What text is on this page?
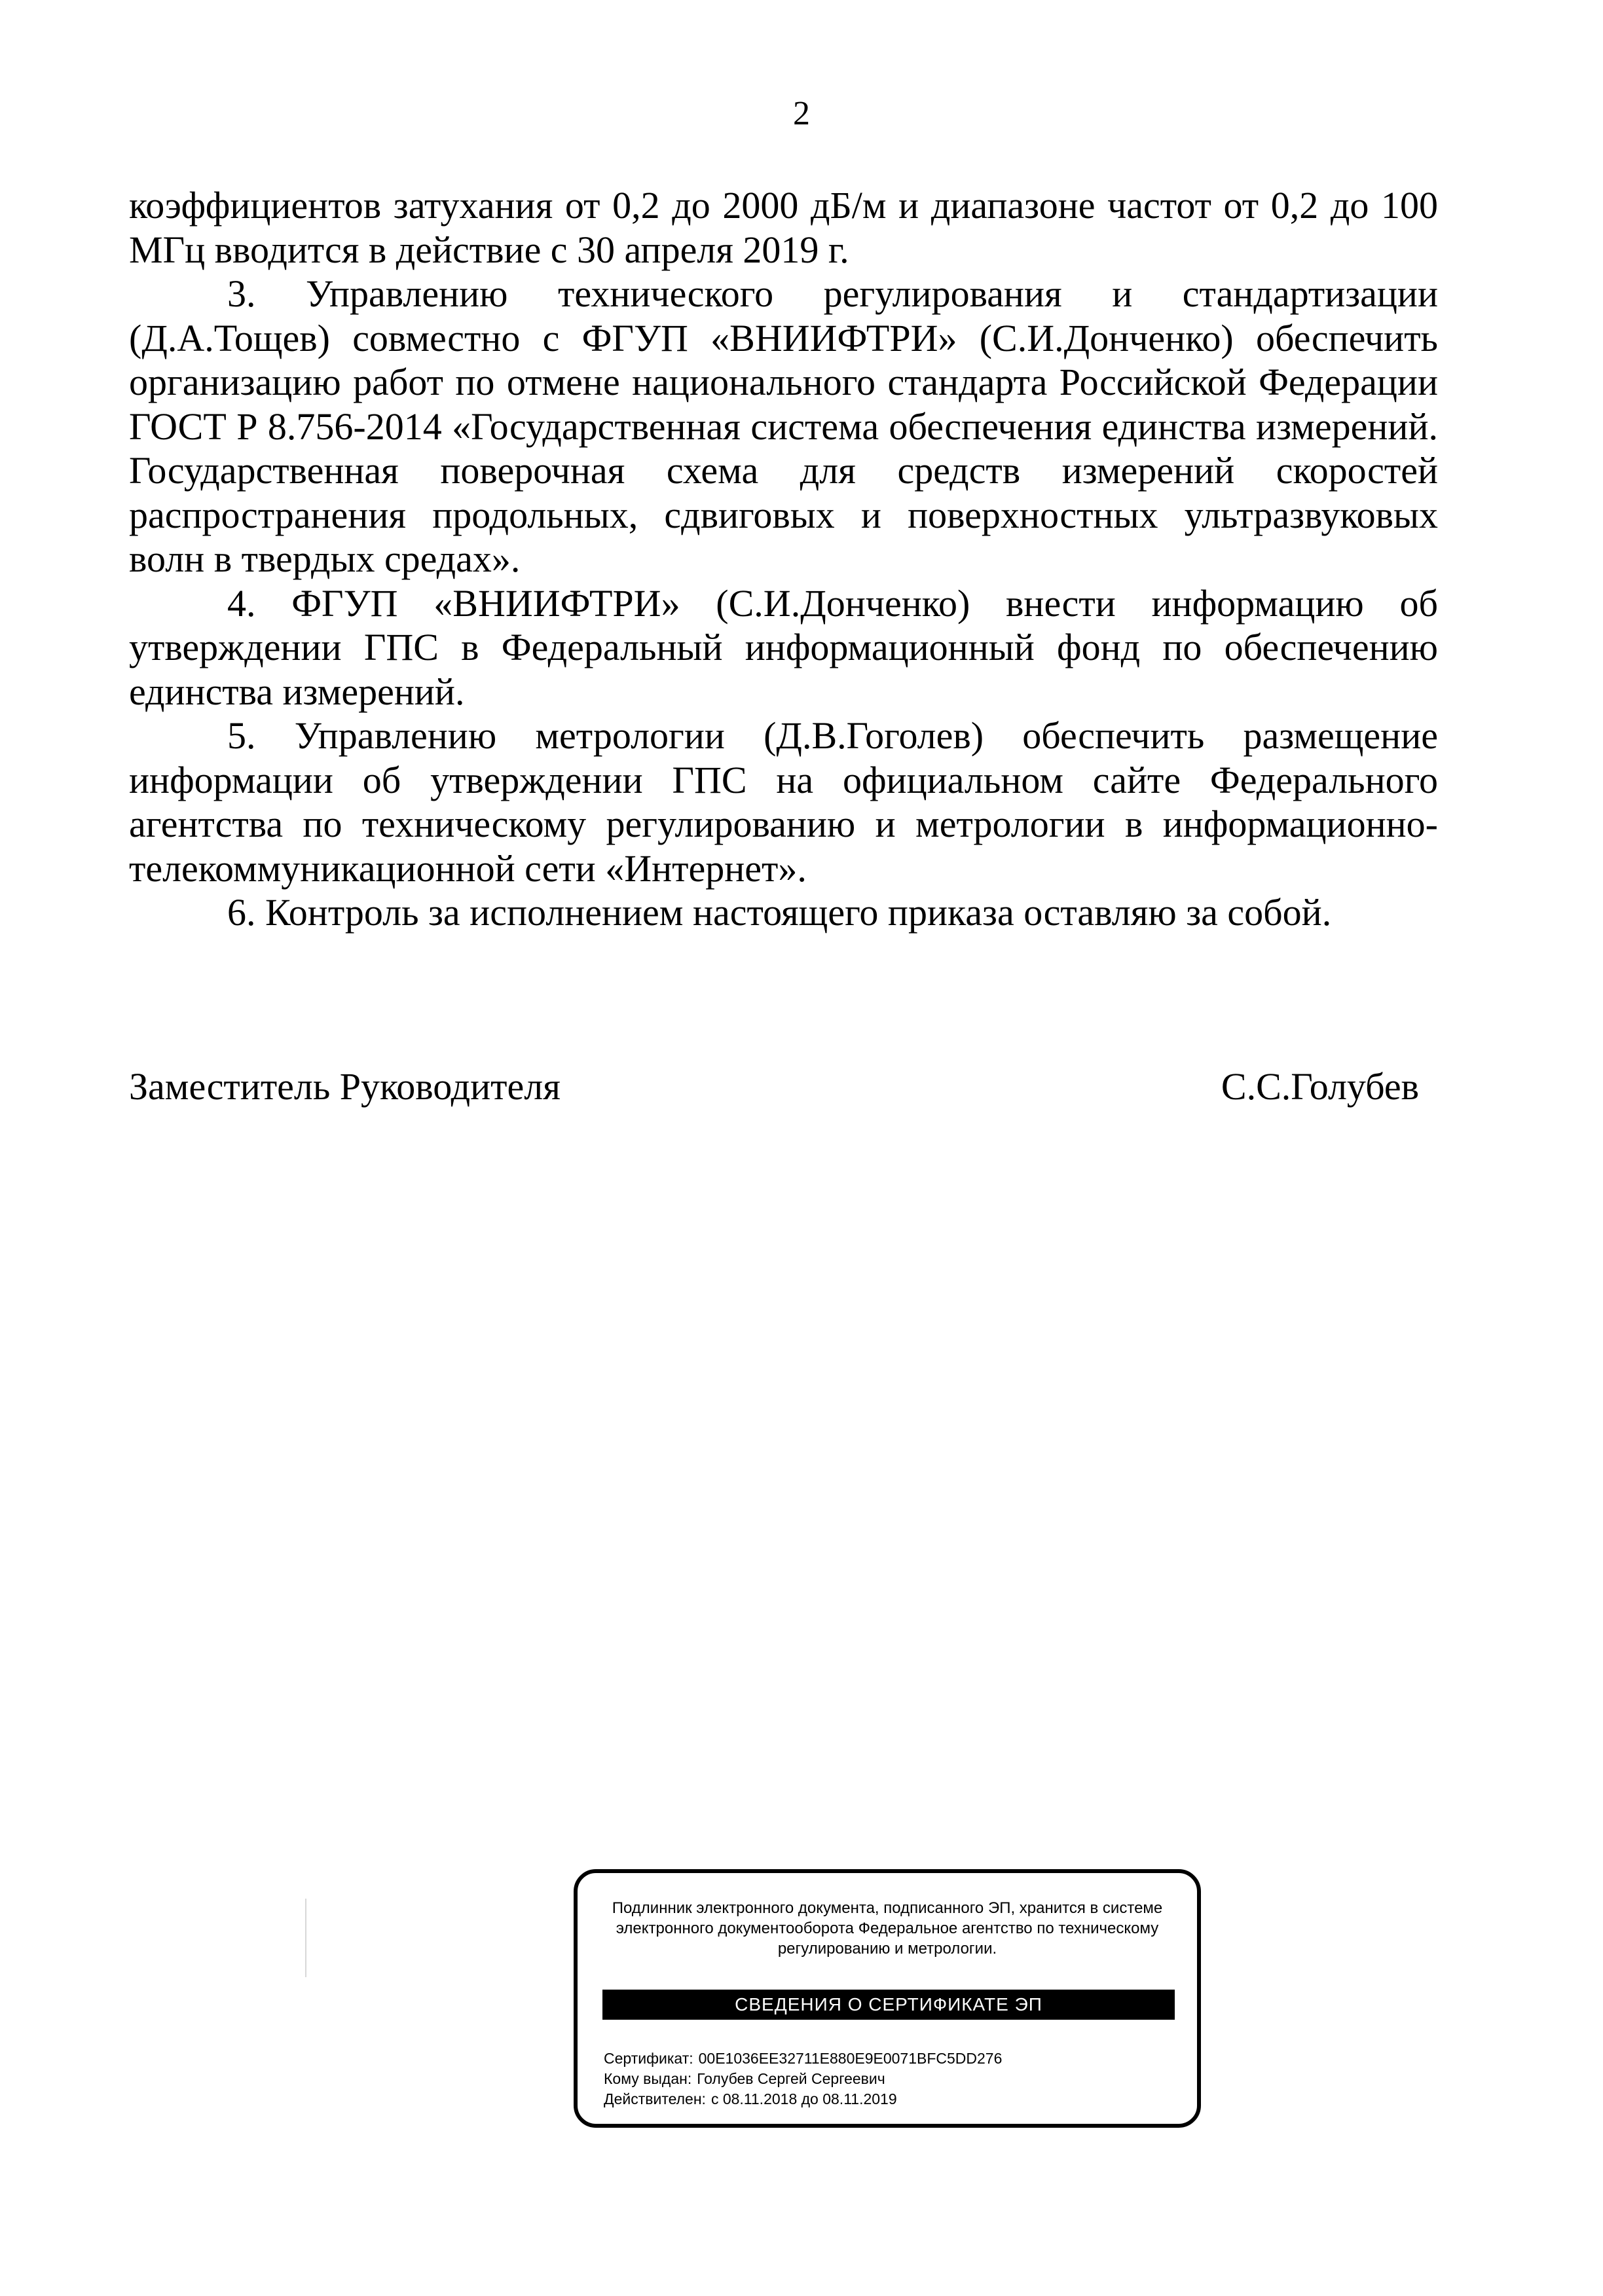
2

коэффициентов затухания от 0,2 до 2000 дБ/м и диапазоне частот от 0,2 до 100 МГц вводится в действие с 30 апреля 2019 г.

3. Управлению технического регулирования и стандартизации (Д.А.Тощев) совместно с ФГУП «ВНИИФТРИ» (С.И.Донченко) обеспечить организацию работ по отмене национального стандарта Российской Федерации ГОСТ Р 8.756-2014 «Государственная система обеспечения единства измерений. Государственная поверочная схема для средств измерений скоростей распространения продольных, сдвиговых и поверхностных ультразвуковых волн в твердых средах».

4. ФГУП «ВНИИФТРИ» (С.И.Донченко) внести информацию об утверждении ГПС в Федеральный информационный фонд по обеспечению единства измерений.

5. Управлению метрологии (Д.В.Гоголев) обеспечить размещение информации об утверждении ГПС на официальном сайте Федерального агентства по техническому регулированию и метрологии в информационно-телекоммуникационной сети «Интернет».

6. Контроль за исполнением настоящего приказа оставляю за собой.

Заместитель Руководителя	С.С.Голубев
Подлинник электронного документа, подписанного ЭП, хранится в системе электронного документооборота Федеральное агентство по техническому регулированию и метрологии.
СВЕДЕНИЯ О СЕРТИФИКАТЕ ЭП
Сертификат: 00E1036EE32711E880E9E0071BFC5DD276
Кому выдан: Голубев Сергей Сергеевич
Действителен: с 08.11.2018 до 08.11.2019
